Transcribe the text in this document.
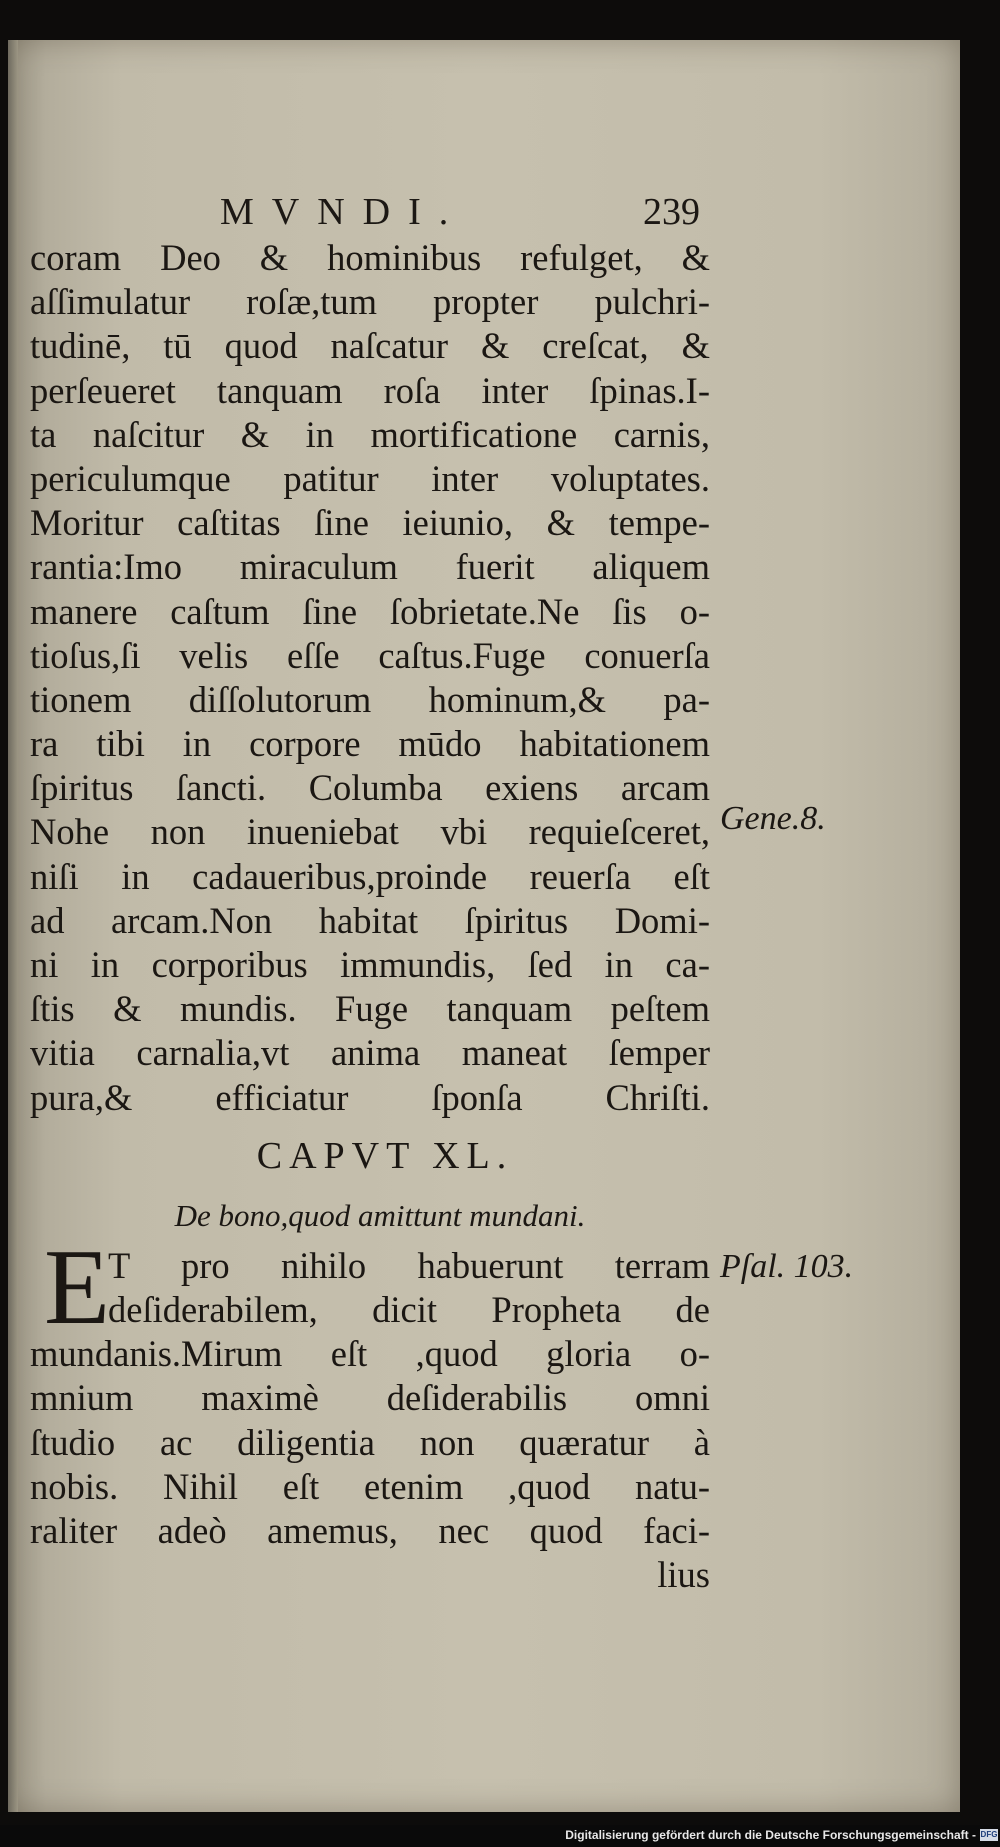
MVNDI.	239
coram Deo & hominibus refulget, &
aſſimulatur roſæ,tum propter pulchri-
tudinē, tū quod naſcatur & creſcat, &
perſeueret tanquam roſa inter ſpinas.I-
ta naſcitur & in mortificatione carnis,
periculumque patitur inter voluptates.
Moritur caſtitas ſine ieiunio, & tempe-
rantia:Imo miraculum fuerit aliquem
manere caſtum ſine ſobrietate.Ne ſis o-
tioſus,ſi velis eſſe caſtus.Fuge conuerſa
tionem diſſolutorum hominum,& pa-
ra tibi in corpore mūdo habitationem
ſpiritus ſancti. Columba exiens arcam
Nohe non inueniebat vbi requieſceret,
niſi in cadaueribus,proinde reuerſa eſt
ad arcam.Non habitat ſpiritus Domi-
ni in corporibus immundis, ſed in ca-
ſtis & mundis. Fuge tanquam peſtem
vitia carnalia,vt anima maneat ſemper
pura,& efficiatur ſponſa Chriſti.
CAPVT XL.
De bono,quod amittunt mundani.
E
T pro nihilo habuerunt terram
deſiderabilem, dicit Propheta de
mundanis.Mirum eſt ,quod gloria o-
mnium maximè deſiderabilis omni
ſtudio ac diligentia non quæratur à
nobis. Nihil eſt etenim ,quod natu-
raliter adeò amemus, nec quod faci-
lius
Gene.8.
Pſal. 103.
Digitalisierung gefördert durch die Deutsche Forschungsgemeinschaft - DFG
